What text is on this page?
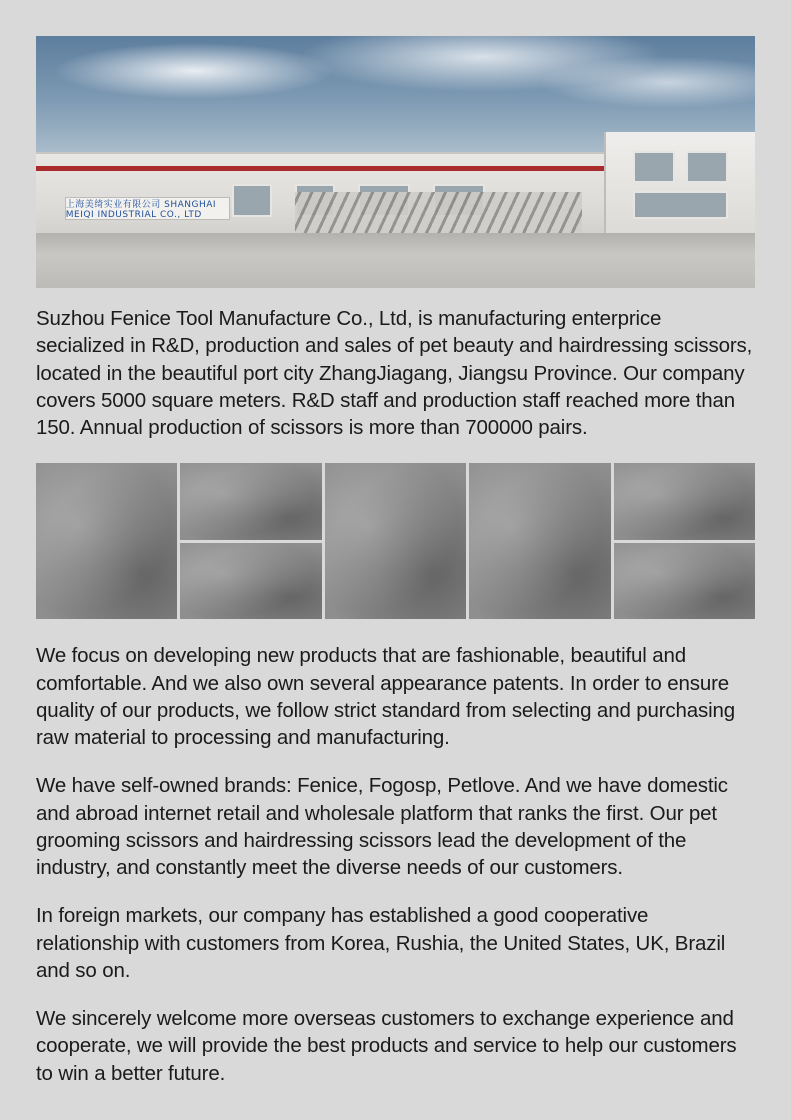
上海美绮实业有限公司 SHANGHAI MEIQI INDUSTRIAL CO., LTD

Suzhou Fenice Tool Manufacture Co., Ltd, is manufacturing enterprice secialized in R&D, production and sales of pet beauty and hairdressing scissors, located in the beautiful port city ZhangJiagang, Jiangsu Province. Our company covers 5000 square meters. R&D staff and production staff reached more than 150. Annual production of scissors is more than 700000 pairs.

We focus on developing new products that are fashionable, beautiful and comfortable. And we also own several appearance patents. In order to ensure quality of our products, we follow strict standard from selecting and purchasing raw material to processing and manufacturing.

We have self-owned brands: Fenice, Fogosp, Petlove. And we have domestic and abroad internet retail and wholesale platform that ranks the first. Our pet grooming scissors and hairdressing scissors lead the development of the industry, and constantly meet the diverse needs of our customers.

In foreign markets, our company has established a good cooperative relationship with customers from Korea, Rushia, the United States, UK, Brazil and so on.

We sincerely welcome more overseas customers to exchange experience and cooperate, we will provide the best products and service to help our customers to win a better future.
